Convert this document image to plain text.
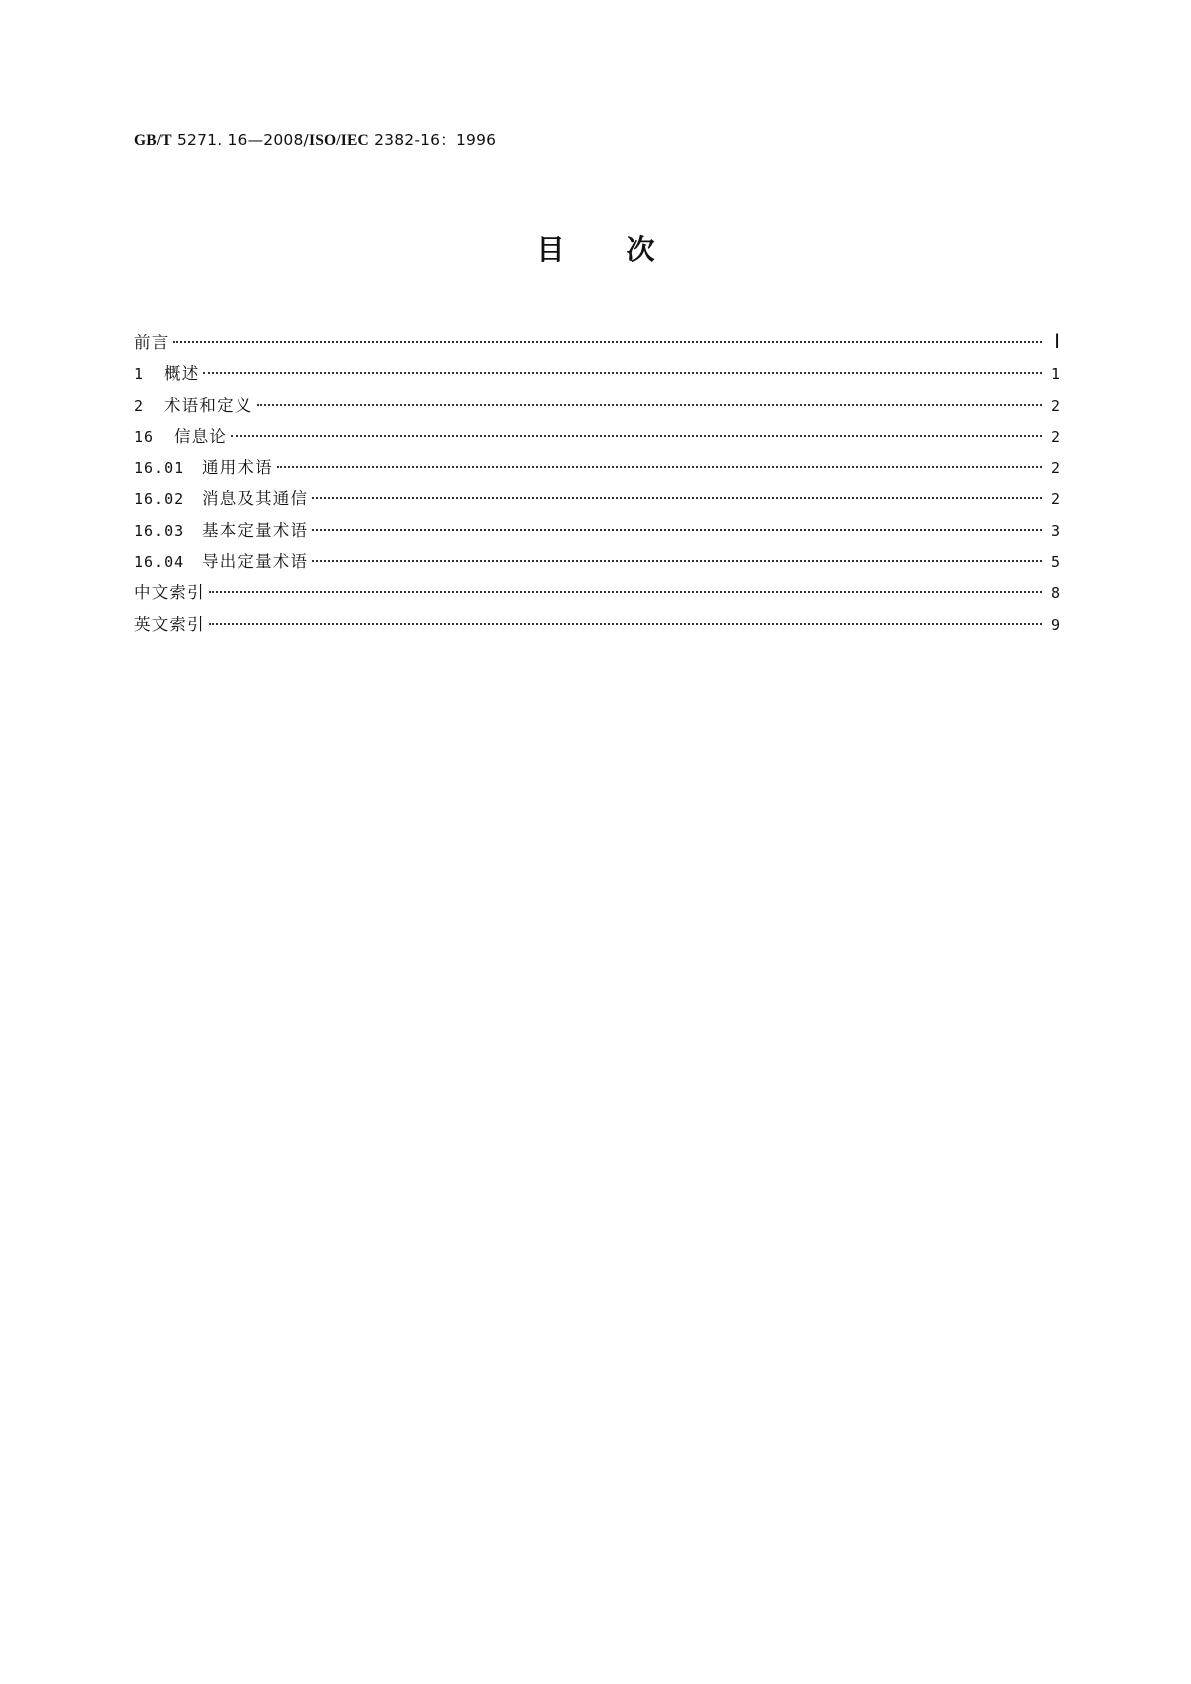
GB/T 5271. 16—2008/ISO/IEC 2382-16：1996
目 次
前言	Ⅰ
1 概述	1
2 术语和定义	2
16 信息论	2
16.01 通用术语	2
16.02 消息及其通信	2
16.03 基本定量术语	3
16.04 导出定量术语	5
中文索引	8
英文索引	9
